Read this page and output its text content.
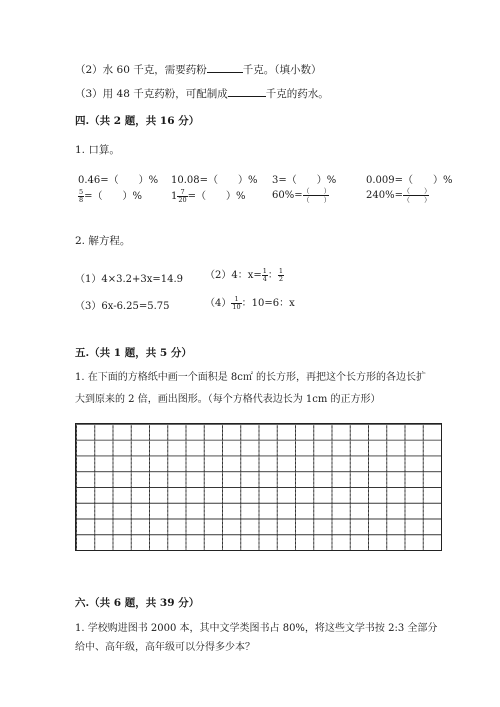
（2）水 60 千克，需要药粉	千克。（填小数）
（3）用 48 千克药粉，可配制成	千克的药水。
四.（共 2 题，共 16 分）
1. 口算。
0.46=（　　）% 10.08=（　　）% 3=（　　）%	0.009=（　　）%
$\frac{5}{8}$ =（　　）%	$1 \frac{7}{20}$ =（　　）%	$60\%= \frac{( )}{( )}$	$240\%= \frac{( )}{( )}$
2. 解方程。
（1）4×3.2+3x=14.9 （2）4：$x= \frac{1}{4}$ ： $\frac{1}{2}$
（3）6x-6.25=5.75	$(4) \frac{1}{10}$ ：10=6：x
五.（共 1 题，共 5 分）
1. 在下面的方格纸中画一个面积是 8c㎡ 的长方形，再把这个长方形的各边长扩
大到原来的 2 倍，画出图形。（每个方格代表边长为 1cm 的正方形）
六.（共 6 题，共 39 分）
1. 学校购进图书 2000 本，其中文学类图书占 80%，将这些文学书按 2:3 全部分
给中、高年级，高年级可以分得多少本？
